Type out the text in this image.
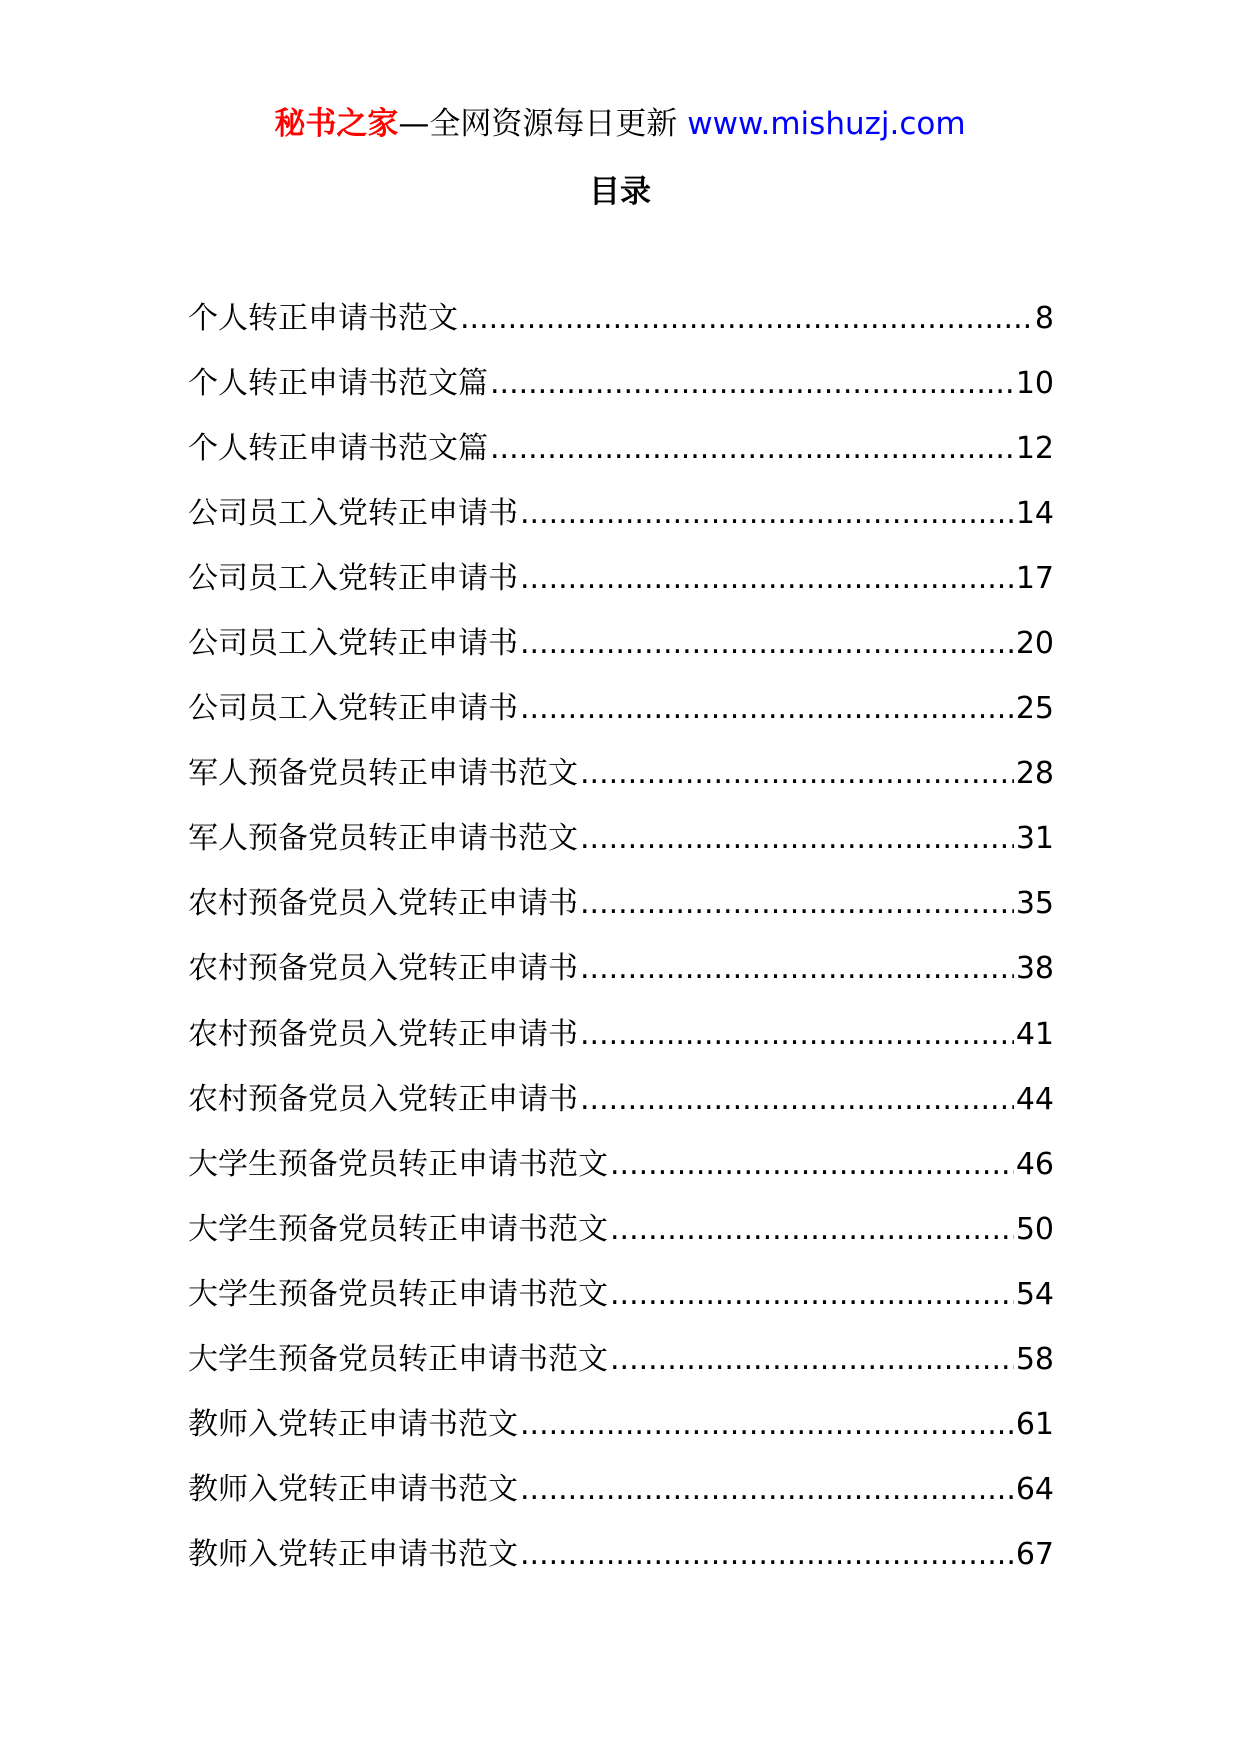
秘书之家—全网资源每日更新 www.mishuzj.com
目录
个人转正申请书范文 .....	8
个人转正申请书范文篇 .....	10
个人转正申请书范文篇 .....	12
公司员工入党转正申请书 .....	14
公司员工入党转正申请书 .....	17
公司员工入党转正申请书 .....	20
公司员工入党转正申请书 .....	25
军人预备党员转正申请书范文 .....	28
军人预备党员转正申请书范文 .....	31
农村预备党员入党转正申请书 .....	35
农村预备党员入党转正申请书 .....	38
农村预备党员入党转正申请书 .....	41
农村预备党员入党转正申请书 .....	44
大学生预备党员转正申请书范文 .....	46
大学生预备党员转正申请书范文 .....	50
大学生预备党员转正申请书范文 .....	54
大学生预备党员转正申请书范文 .....	58
教师入党转正申请书范文 .....	61
教师入党转正申请书范文 .....	64
教师入党转正申请书范文 .....	67
